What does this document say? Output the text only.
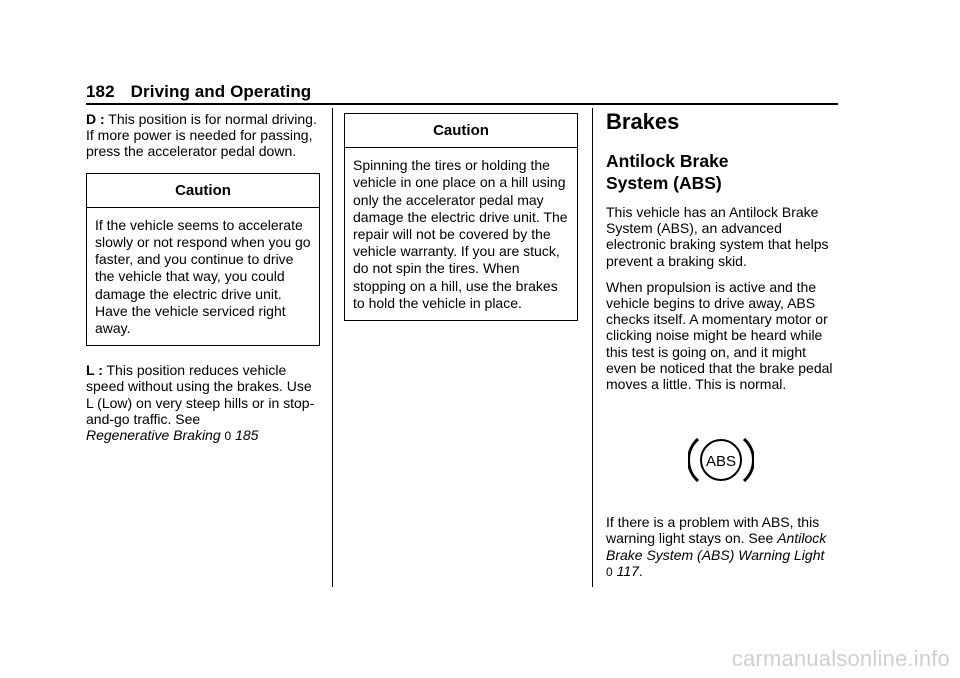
182 Driving and Operating

D : This position is for normal driving. If more power is needed for passing, press the accelerator pedal down.

Caution
If the vehicle seems to accelerate slowly or not respond when you go faster, and you continue to drive the vehicle that way, you could damage the electric drive unit. Have the vehicle serviced right away.

L : This position reduces vehicle speed without using the brakes. Use L (Low) on very steep hills or in stop-and-go traffic. See
Regenerative Braking 0 185

Caution
Spinning the tires or holding the vehicle in one place on a hill using only the accelerator pedal may damage the electric drive unit. The repair will not be covered by the vehicle warranty. If you are stuck, do not spin the tires. When stopping on a hill, use the brakes to hold the vehicle in place.
Brakes
Antilock Brake System (ABS)

This vehicle has an Antilock Brake System (ABS), an advanced electronic braking system that helps prevent a braking skid.

When propulsion is active and the vehicle begins to drive away, ABS checks itself. A momentary motor or clicking noise might be heard while this test is going on, and it might even be noticed that the brake pedal moves a little. This is normal.

ABS

If there is a problem with ABS, this warning light stays on. See Antilock Brake System (ABS) Warning Light
0 117.

carmanualsonline.info
